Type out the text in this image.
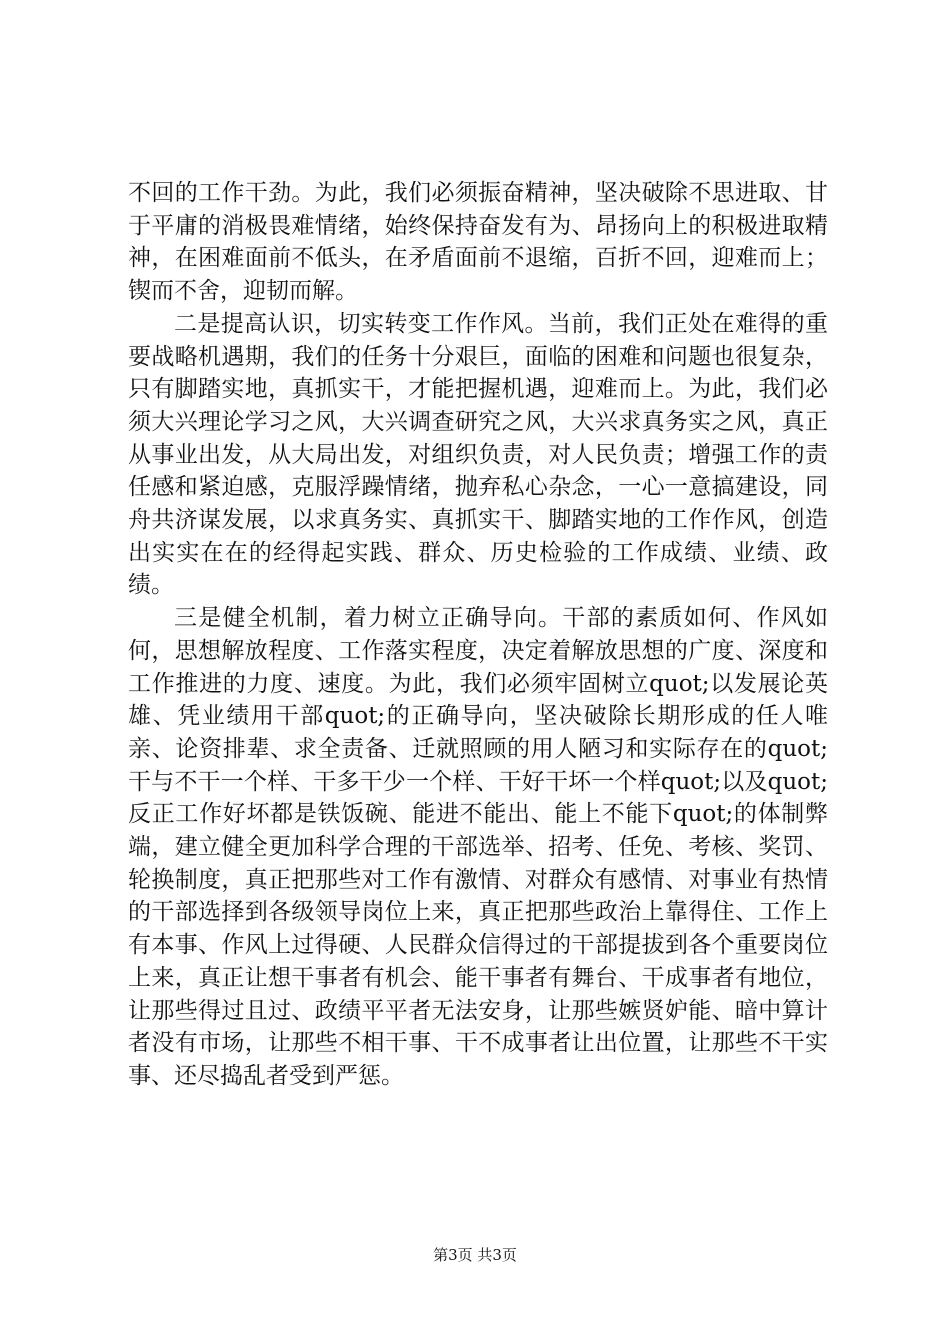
不回的工作干劲。为此，我们必须振奋精神，坚决破除不思进取、甘于平庸的消极畏难情绪，始终保持奋发有为、昂扬向上的积极进取精神，在困难面前不低头，在矛盾面前不退缩，百折不回，迎难而上；锲而不舍，迎韧而解。

二是提高认识，切实转变工作作风。当前，我们正处在难得的重要战略机遇期，我们的任务十分艰巨，面临的困难和问题也很复杂，只有脚踏实地，真抓实干，才能把握机遇，迎难而上。为此，我们必须大兴理论学习之风，大兴调查研究之风，大兴求真务实之风，真正从事业出发，从大局出发，对组织负责，对人民负责；增强工作的责任感和紧迫感，克服浮躁情绪，抛弃私心杂念，一心一意搞建设，同舟共济谋发展，以求真务实、真抓实干、脚踏实地的工作作风，创造出实实在在的经得起实践、群众、历史检验的工作成绩、业绩、政绩。

三是健全机制，着力树立正确导向。干部的素质如何、作风如何，思想解放程度、工作落实程度，决定着解放思想的广度、深度和工作推进的力度、速度。为此，我们必须牢固树立quot;以发展论英雄、凭业绩用干部quot;的正确导向，坚决破除长期形成的任人唯亲、论资排辈、求全责备、迁就照顾的用人陋习和实际存在的quot;干与不干一个样、干多干少一个样、干好干坏一个样quot;以及quot;反正工作好坏都是铁饭碗、能进不能出、能上不能下quot;的体制弊端，建立健全更加科学合理的干部选举、招考、任免、考核、奖罚、轮换制度，真正把那些对工作有激情、对群众有感情、对事业有热情的干部选择到各级领导岗位上来，真正把那些政治上靠得住、工作上有本事、作风上过得硬、人民群众信得过的干部提拔到各个重要岗位上来，真正让想干事者有机会、能干事者有舞台、干成事者有地位，让那些得过且过、政绩平平者无法安身，让那些嫉贤妒能、暗中算计者没有市场，让那些不相干事、干不成事者让出位置，让那些不干实事、还尽捣乱者受到严惩。

第3页 共3页
